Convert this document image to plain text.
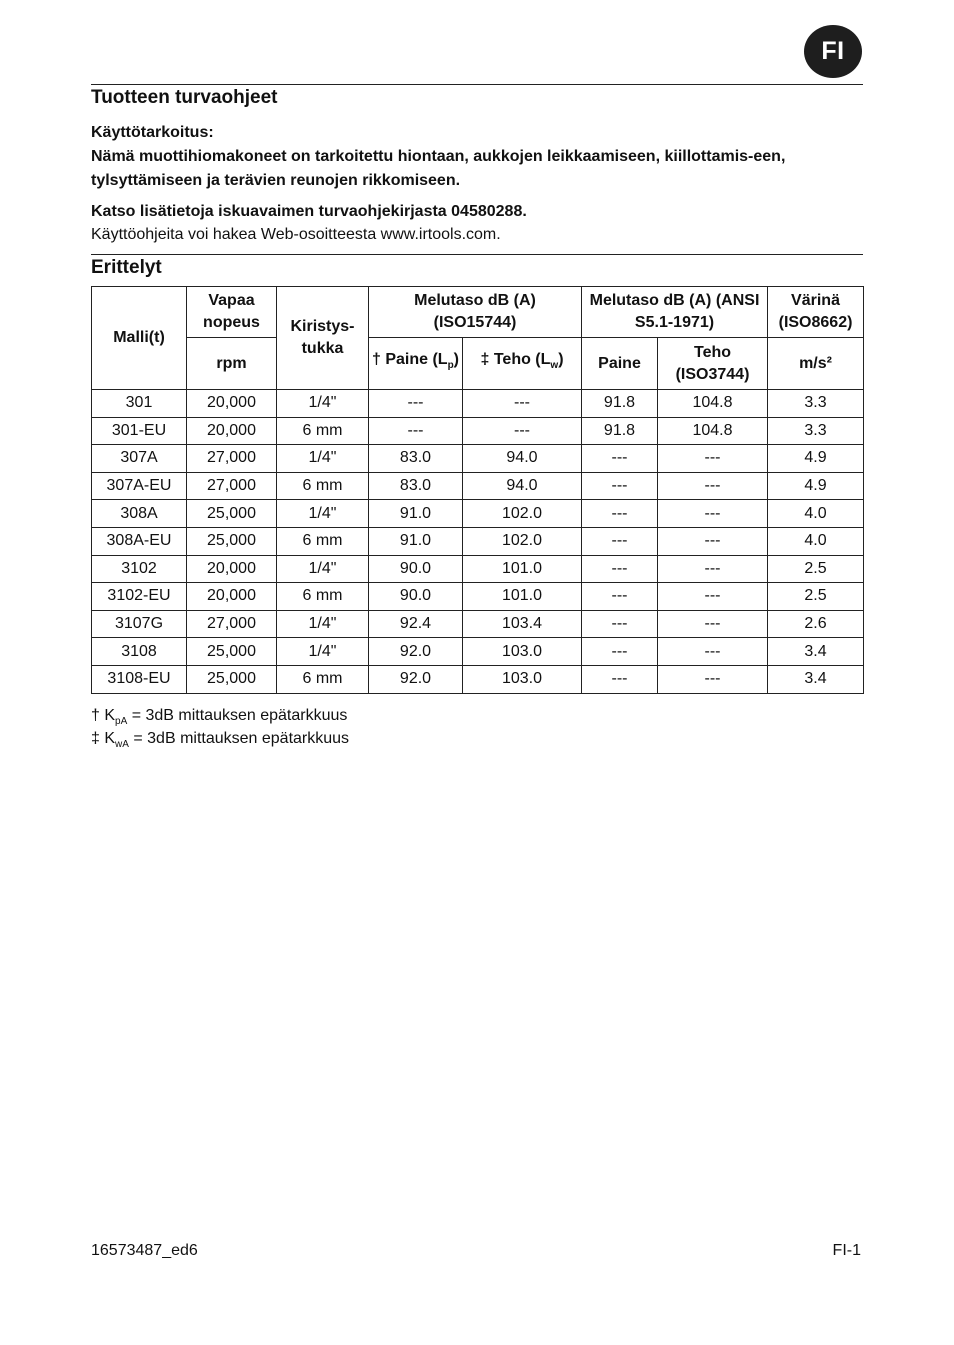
FI
Tuotteen turvaohjeet
Käyttötarkoitus:
Nämä muottihiomakoneet on tarkoitettu hiontaan, aukkojen leikkaamiseen, kiillottamis-een, tylsyttämiseen ja terävien reunojen rikkomiseen.
Katso lisätietoja iskuavaimen turvaohjekirjasta 04580288.
Käyttöohjeita voi hakea Web-osoitteesta www.irtools.com.
Erittelyt
Malli(t)	Vapaa nopeus	Kiristys-tukka	Melutaso dB (A) (ISO15744)		Melutaso dB (A) (ANSI S5.1-1971)		Värinä (ISO8662)
	rpm		† Paine $(L_p)$	‡ Teho $(L_w)$	Paine	Teho (ISO3744)	m/s²
301	20,000	1/4"	---	---	91.8	104.8	3.3
301-EU	20,000	6 mm	---	---	91.8	104.8	3.3
307A	27,000	1/4"	83.0	94.0	---	---	4.9
307A-EU	27,000	6 mm	83.0	94.0	---	---	4.9
308A	25,000	1/4"	91.0	102.0	---	---	4.0
308A-EU	25,000	6 mm	91.0	102.0	---	---	4.0
3102	20,000	1/4"	90.0	101.0	---	---	2.5
3102-EU	20,000	6 mm	90.0	101.0	---	---	2.5
3107G	27,000	1/4"	92.4	103.4	---	---	2.6
3108	25,000	1/4"	92.0	103.0	---	---	3.4
3108-EU	25,000	6 mm	92.0	103.0	---	---	3.4
† $K_{pA} = 3dB$ mittauksen epätarkkuus
‡ $K_{wA} = 3dB$ mittauksen epätarkkuus
16573487_ed6	FI-1
